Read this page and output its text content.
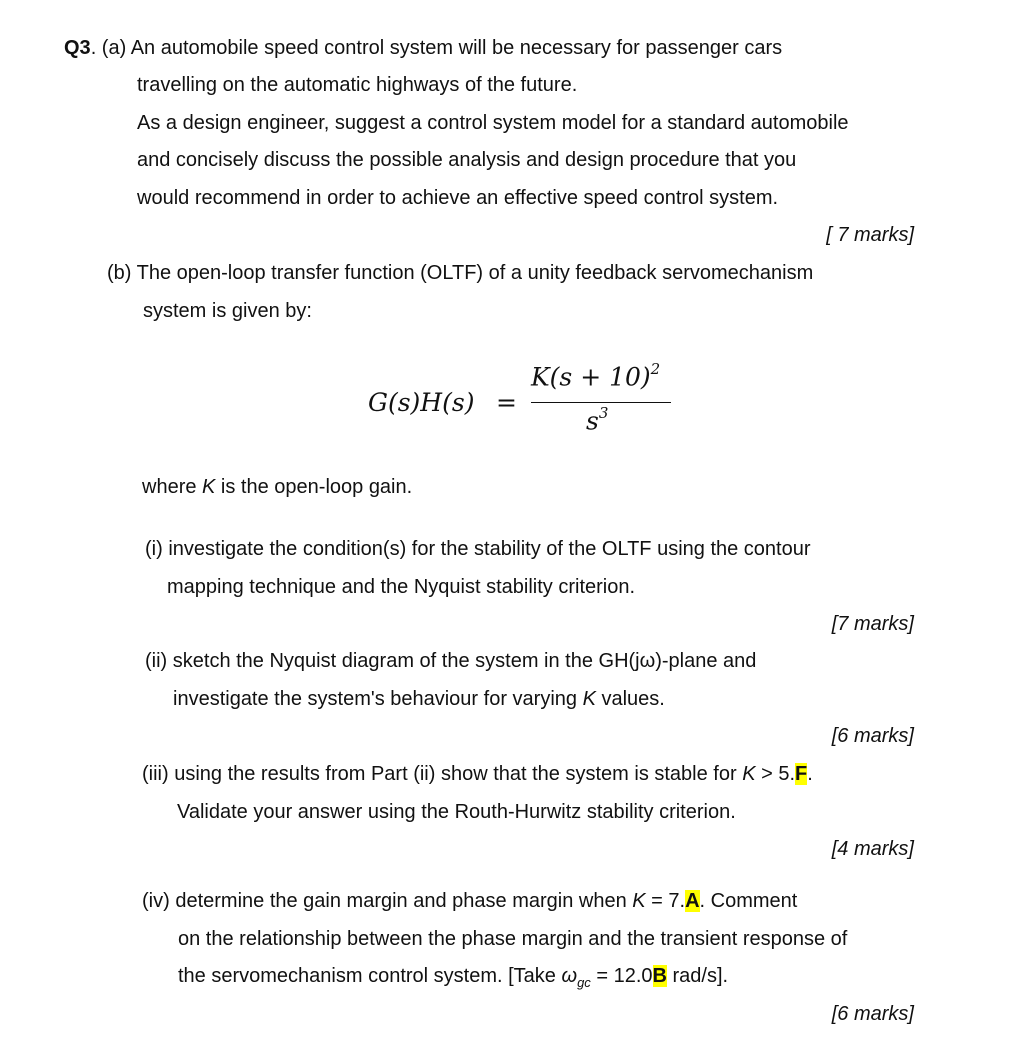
Q3. (a) An automobile speed control system will be necessary for passenger cars
travelling on the automatic highways of the future.
As a design engineer, suggest a control system model for a standard automobile
and concisely discuss the possible analysis and design procedure that you
would recommend in order to achieve an effective speed control system.
[ 7 marks]
(b) The open-loop transfer function (OLTF) of a unity feedback servomechanism
system is given by:
G(s)H(s) =
$K(s + 10)^2$
$s^3$
where K is the open-loop gain.
(i) investigate the condition(s) for the stability of the OLTF using the contour
mapping technique and the Nyquist stability criterion.
[7 marks]
(ii) sketch the Nyquist diagram of the system in the GH(jω)-plane and
investigate the system's behaviour for varying K values.
[6 marks]
(iii) using the results from Part (ii) show that the system is stable for K > 5.F.
Validate your answer using the Routh-Hurwitz stability criterion.
[4 marks]
(iv) determine the gain margin and phase margin when K = 7.A. Comment
on the relationship between the phase margin and the transient response of
the servomechanism control system. [Take $\omega_{gc} = 12.0B$ rad/s].
[6 marks]
